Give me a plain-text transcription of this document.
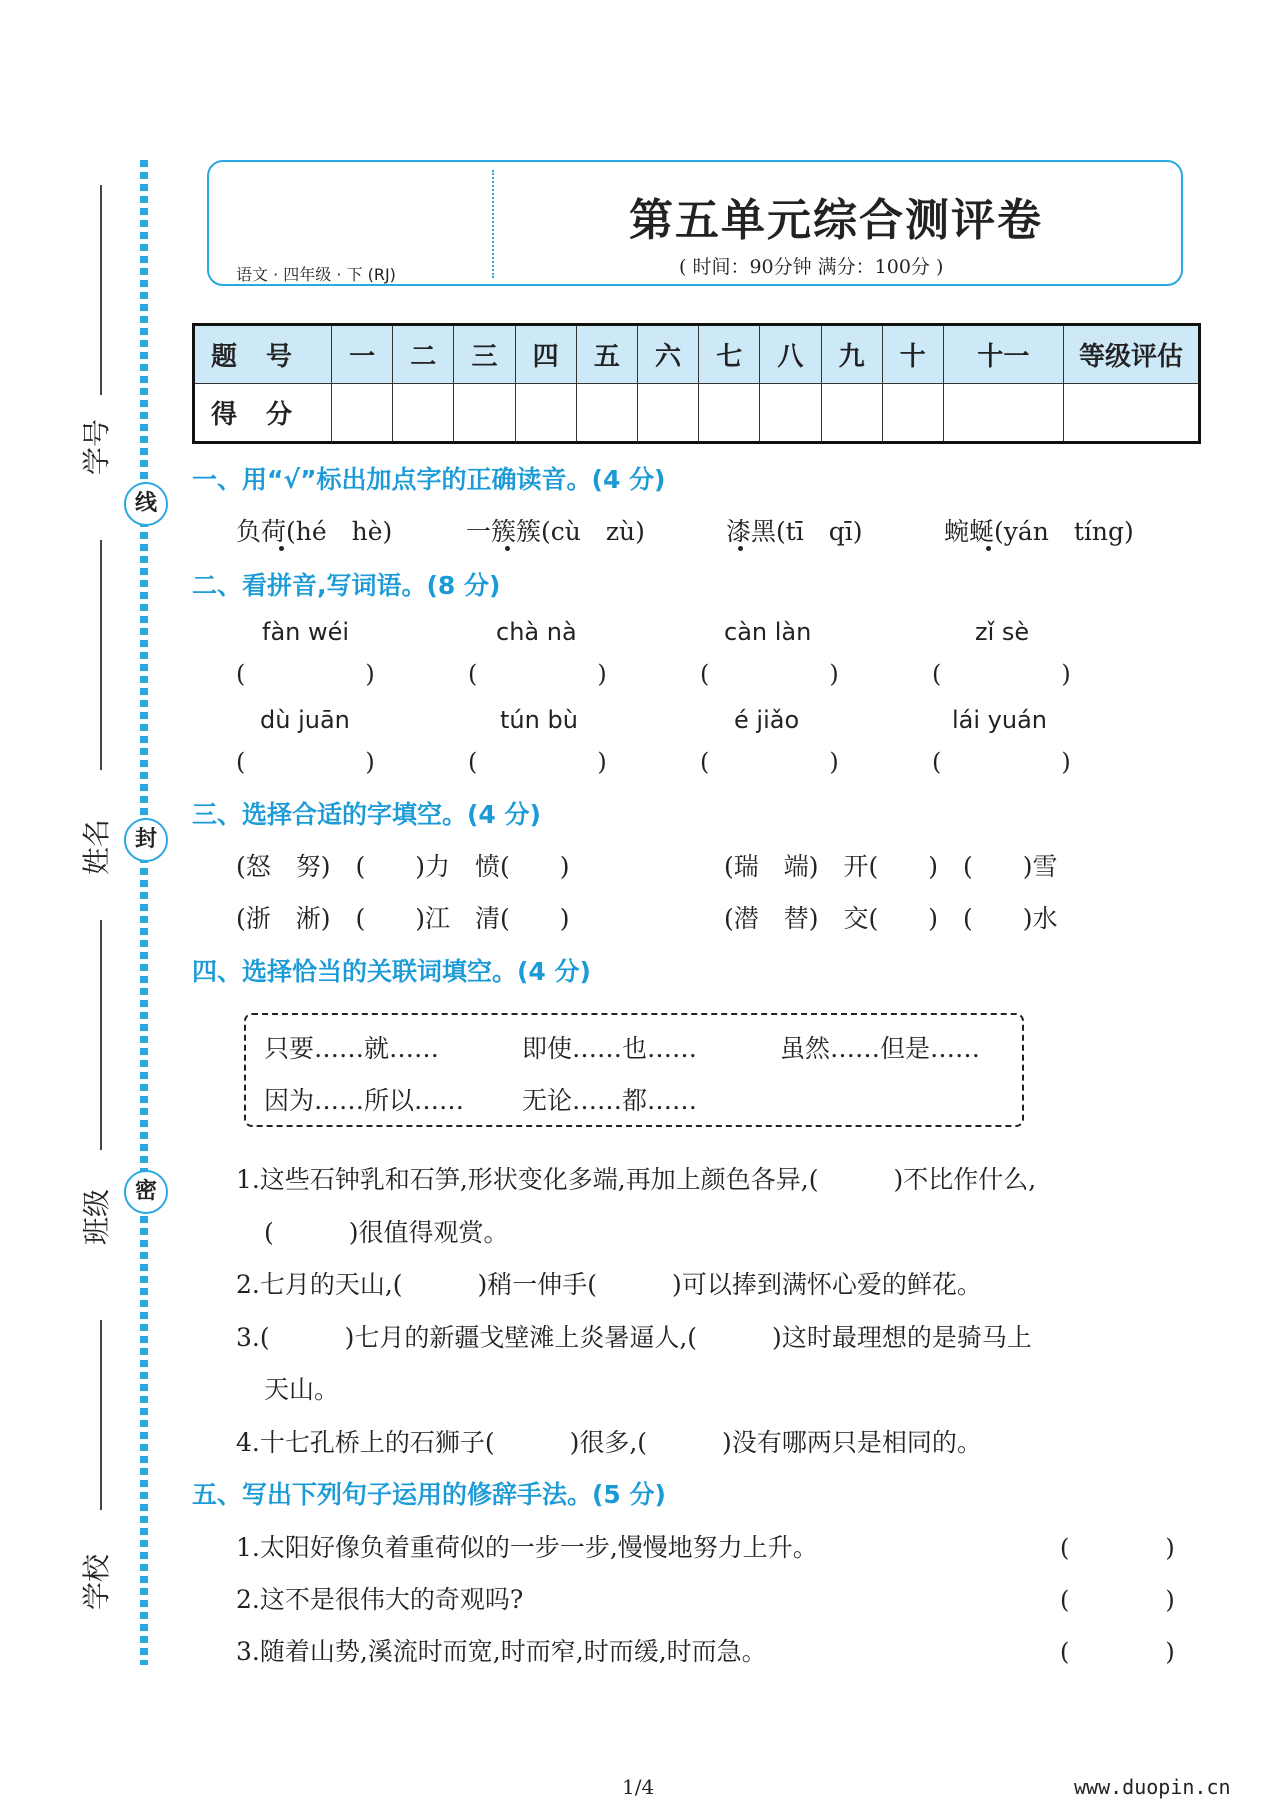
线
封
密
学号
姓名
班级
学校
语文 · 四年级 · 下 (RJ)
第五单元综合测评卷
( 时间：90分钟 满分：100分 )
题 号	一	二	三	四	五	六	七	八	九	十	十一	等级评估
得 分												
一、用“√”标出加点字的正确读音。(4 分)
负荷(hé　hè)	一簇簇(cù　zù)	漆黑(tī　qī)	蜿蜒(yán　tíng)
二、看拼音,写词语。(8 分)
fàn wéi	chà nà	càn làn	zǐ sè
(　　　　　)	(　　　　　)	(　　　　　)	(　　　　　)
dù juān	tún bù	é jiǎo	lái yuán
(　　　　　)	(　　　　　)	(　　　　　)	(　　　　　)
三、选择合适的字填空。(4 分)
(怒　努)　(　　)力　愤(　　)	(瑞　端)　开(　　)　(　　)雪
(浙　淅)　(　　)江　清(　　)	(潜　替)　交(　　)　(　　)水
四、选择恰当的关联词填空。(4 分)
只要……就……	即使……也……	虽然……但是……
因为……所以…… 无论……都……
1.这些石钟乳和石笋,形状变化多端,再加上颜色各异,(　　　)不比作什么,
(　　　)很值得观赏。
2.七月的天山,(　　　)稍一伸手(　　　)可以捧到满怀心爱的鲜花。
3.(　　　)七月的新疆戈壁滩上炎暑逼人,(　　　)这时最理想的是骑马上
天山。
4.十七孔桥上的石狮子(　　　)很多,(　　　)没有哪两只是相同的。
五、写出下列句子运用的修辞手法。(5 分)
1.太阳好像负着重荷似的一步一步,慢慢地努力上升。	(　　　　)
2.这不是很伟大的奇观吗?	(　　　　)
3.随着山势,溪流时而宽,时而窄,时而缓,时而急。	(　　　　)
1/4	www.duopin.cn
